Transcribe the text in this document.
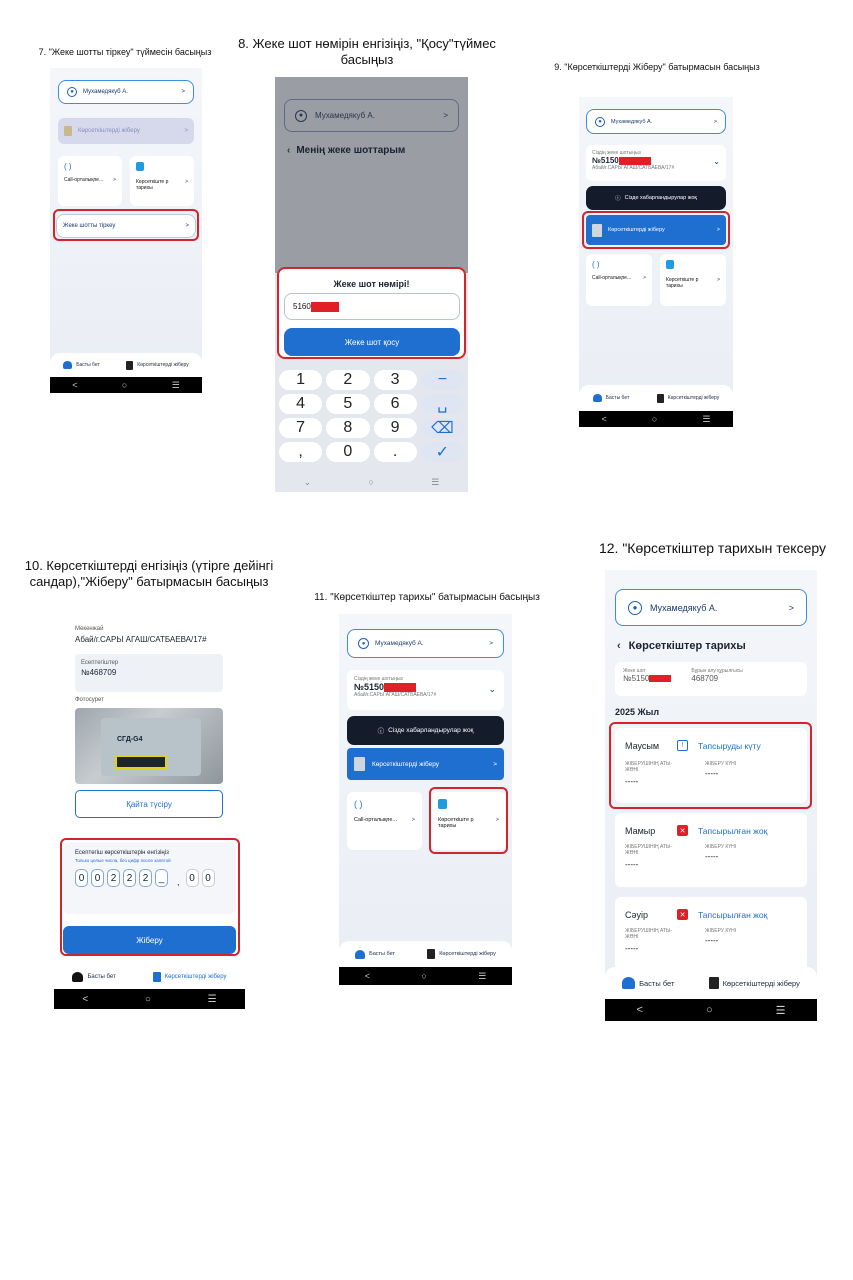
7. "Жеке шотты тіркеу" түймесін басыңыз
8. Жеке шот нөмірін енгізіңіз, "Қосу"түймес басыңыз	9. "Көрсеткіштерді Жіберу" батырмасын басыңыз
10. Көрсеткіштерді енгізіңіз (үтірге дейінгі сандар),"Жіберу" батырмасын басыңыз
11. "Көрсеткіштер тарихы" батырмасын басыңыз
12. "Көрсеткіштер тарихын тексеру
●	Мухамедякуб А.	>
Көрсеткіштерді жіберу	>
( )
Call-орталықпе... >	Көрсеткіште р тарихы
>
Жеке шотты тіркеу	>
Басты бет	Көрсеткіштерді жіберу
<	○	☰
●	Мухамедякуб А.	>
‹ Менің жеке шоттарым
Жеке шот нөмірі!
5160
Жеке шот қосу
1	2	3	−
4	5	6	␣
7	8	9	⌫
,	0	.	✓
⌄	○	☰
●	Мухамедякуб А.	>
Сіздің жеке шотыңыз
№5150
Абай/г.САРЫ АГАШ/САТБАЕВА/17#
⌄
ⓘ Сізде хабарландырулар жоқ
Көрсеткіштерді жіберу	>
( )
Call-орталықпе...	>	Көрсеткіште р тарихы
>
Басты бет	Көрсеткіштерді жіберу
<	○	☰
Мекенжай
Абай/г.САРЫ АГАШ/САТБАЕВА/17#
Есептегіштер
№468709
Фотосурет
СГД-G4
Қайта түсіру
Есептегіш көрсеткіштерін енгізіңіз
Только целые числа, без цифр после запятой
0	0	2	2	2	_	, 0	0
Жіберу
Басты бет	Көрсеткіштерді жіберу
<	○	☰
●	Мухамедякуб А.	>
Сіздің жеке шотыңыз
№5150
Абай/г.САРЫ АГАШ/САТБАЕВА/17#
⌄
ⓘ Сізде хабарландырулар жоқ
Көрсеткіштерді жіберу	>
( )
Call-орталықпе...	>	Көрсеткіште р тарихы
>
Басты бет	Көрсеткіштерді жіберу
<	○	☰
●	Мухамедякуб А.	>
‹ Көрсеткіштер тарихы
Жеке шот
№5150
Бұрын алу құрылғысы
468709
2025 Жыл
Маусым	!	Тапсыруды күту
ЖІБЕРУШІНІҢ АТЫ-ЖӨНІ
-----
ЖІБЕРУ КҮНІ
-----
Мамыр	✕	Тапсырылған жоқ
ЖІБЕРУШІНІҢ АТЫ-ЖӨНІ
-----
ЖІБЕРУ КҮНІ
-----
Сәуір	✕	Тапсырылған жоқ
ЖІБЕРУШІНІҢ АТЫ-ЖӨНІ
-----
ЖІБЕРУ КҮНІ
-----
Басты бет	Көрсеткіштерді жіберу
<	○	☰
